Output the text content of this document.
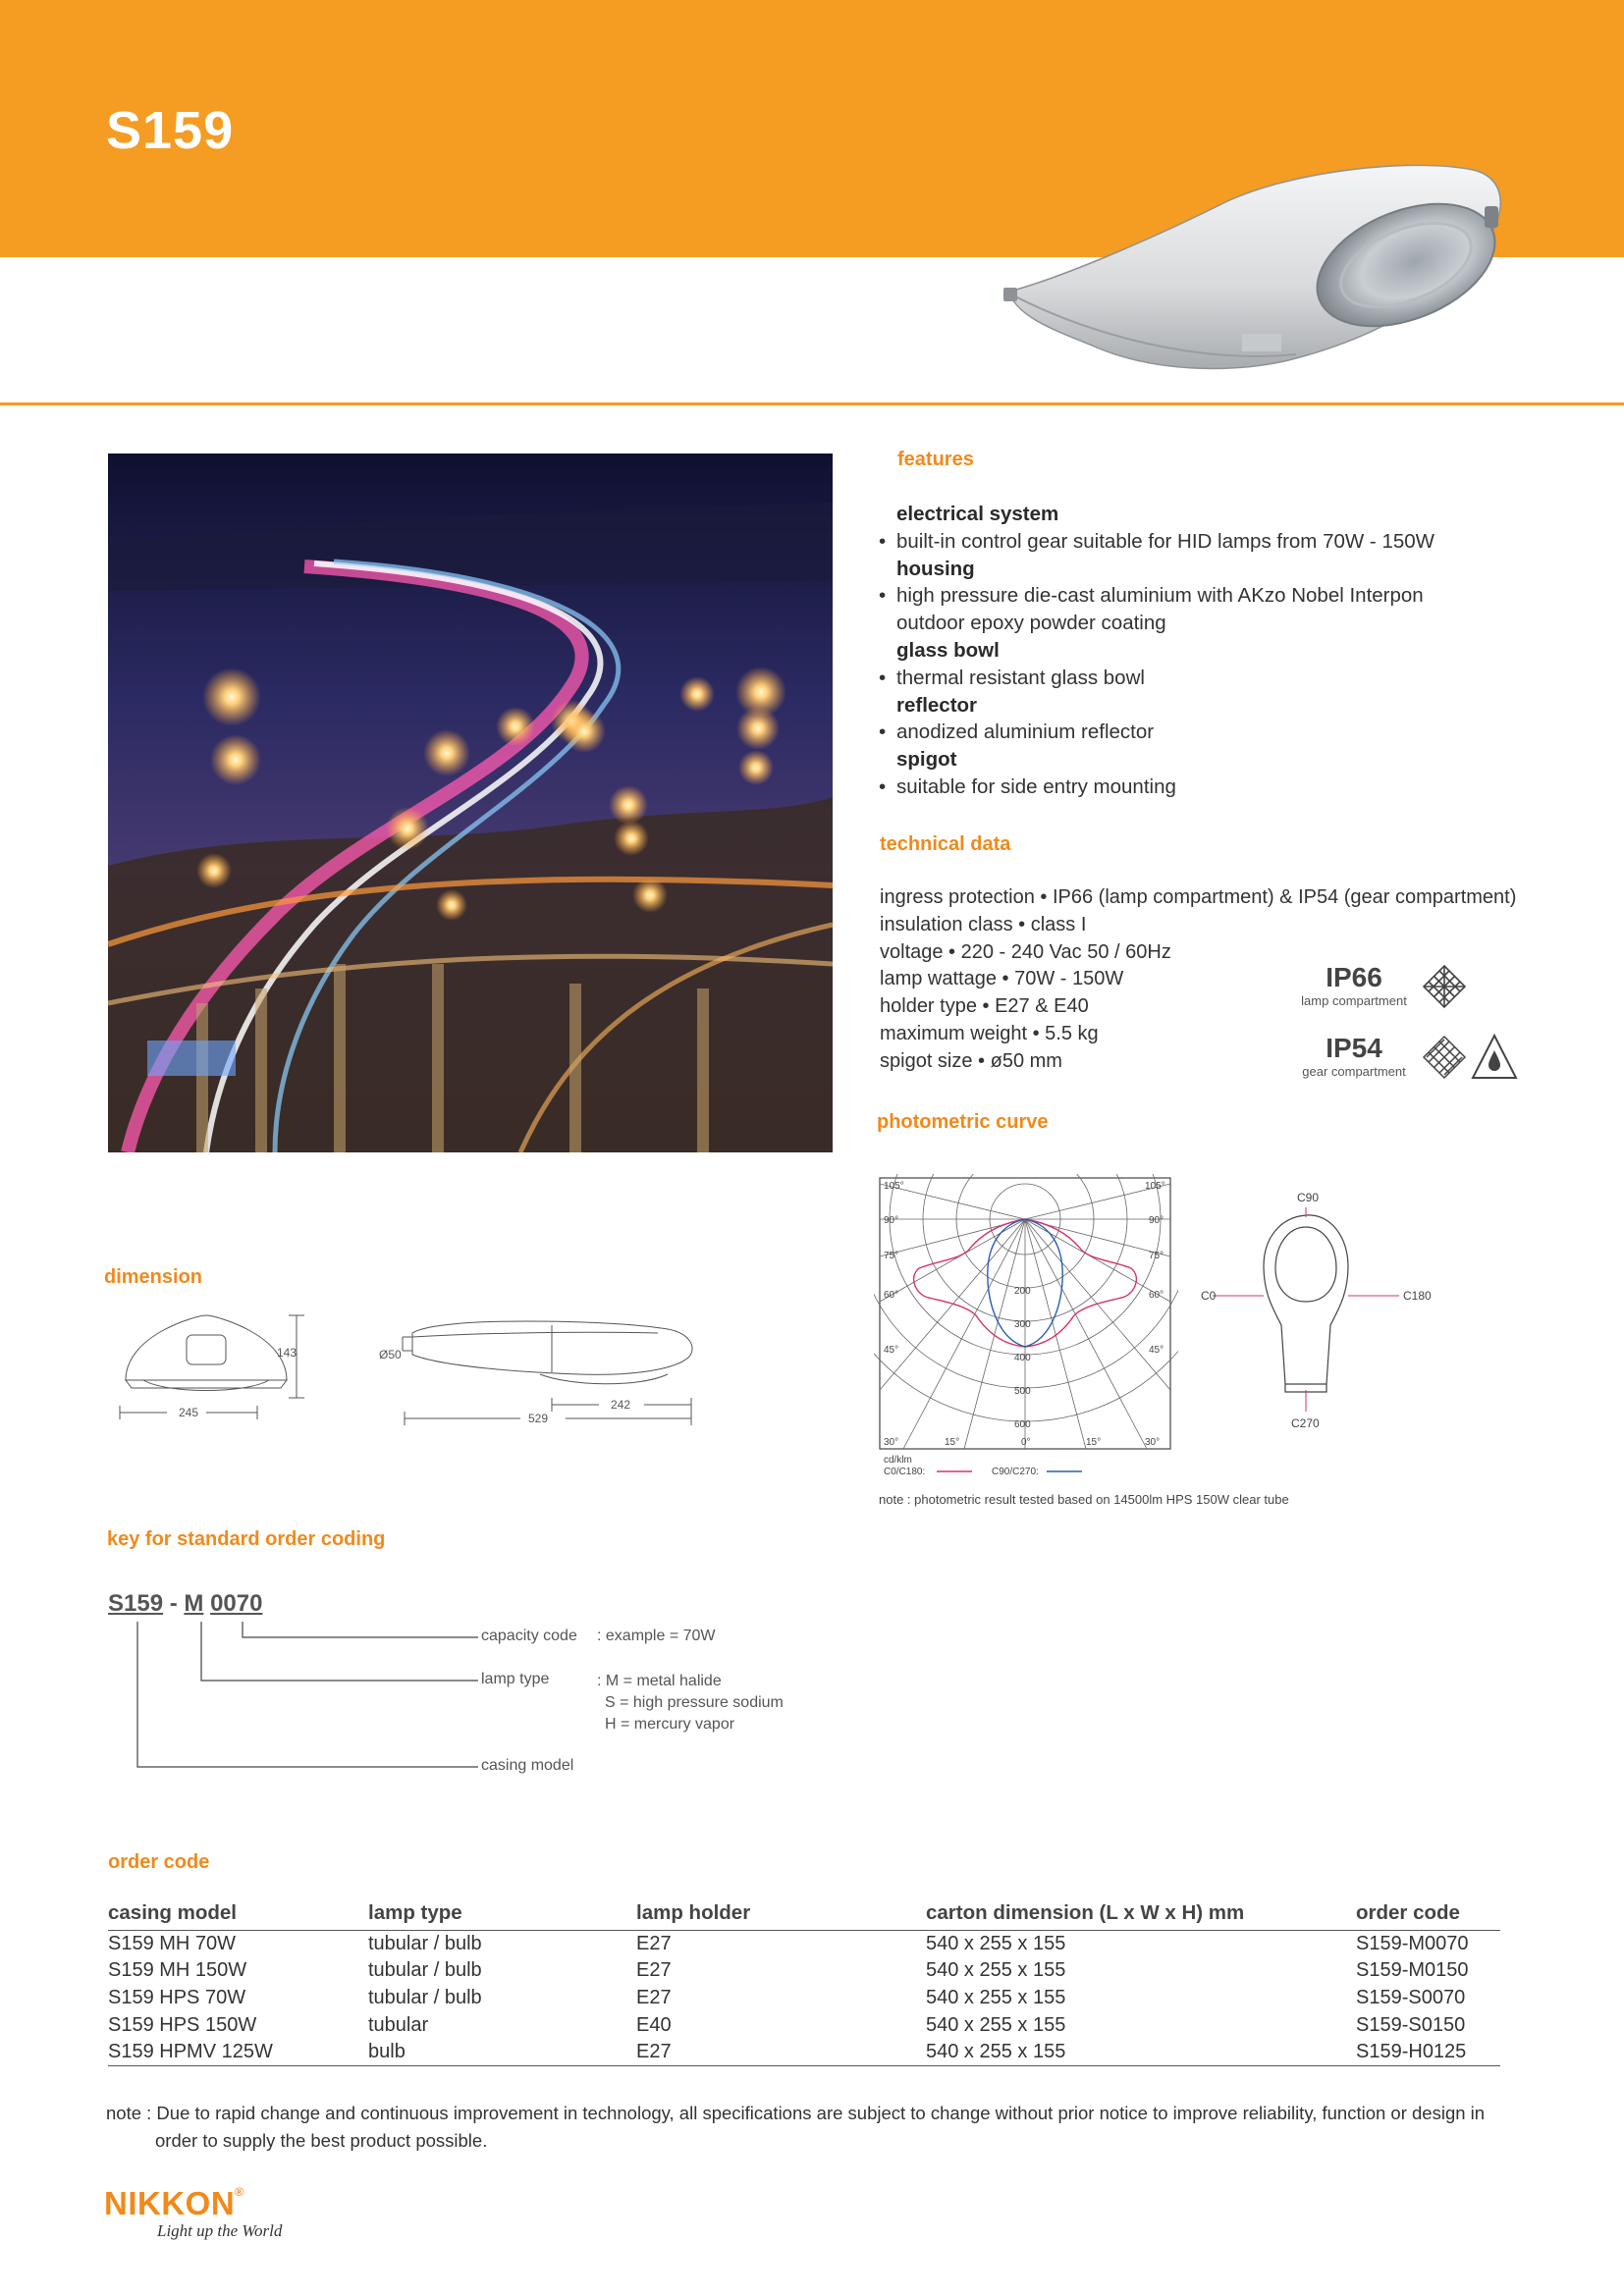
S159
features
electrical system
• built-in control gear suitable for HID lamps from 70W - 150W
housing
• high pressure die-cast aluminium with AKzo Nobel Interpon
outdoor epoxy powder coating
glass bowl
• thermal resistant glass bowl
reflector
• anodized aluminium reflector
spigot
• suitable for side entry mounting
technical data
ingress protection • IP66 (lamp compartment) & IP54 (gear compartment)
insulation class • class I
voltage • 220 - 240 Vac 50 / 60Hz
lamp wattage • 70W - 150W
holder type • E27 & E40
maximum weight • 5.5 kg
spigot size • ø50 mm
IP66
lamp compartment
IP54
gear compartment
photometric curve
105°	105°
90°	90°
75°	75°
60°	60°
45°	45°
30°	30°
15°	15°
0°
200
300
400
500
600
cd/klm
C0/C180:	C90/C270:
C90
C0	C180
C270
note : photometric result tested based on 14500lm HPS 150W clear tube
dimension
143
245
Ø50
242
529
key for standard order coding
S159 - M 0070
capacity code : example = 70W
lamp type	: M = metal halide
S = high pressure sodium
H = mercury vapor
casing model
order code
casing model	lamp type	lamp holder	carton dimension (L x W x H) mm	order code
S159 MH 70W	tubular / bulb	E27	540 x 255 x 155	S159-M0070
S159 MH 150W	tubular / bulb	E27	540 x 255 x 155	S159-M0150
S159 HPS 70W	tubular / bulb	E27	540 x 255 x 155	S159-S0070
S159 HPS 150W	tubular	E40	540 x 255 x 155	S159-S0150
S159 HPMV 125W	bulb	E27	540 x 255 x 155	S159-H0125
note : Due to rapid change and continuous improvement in technology, all specifications are subject to change without prior notice to improve reliability, function or design in
order to supply the best product possible.
NIKKON®
Light up the World
